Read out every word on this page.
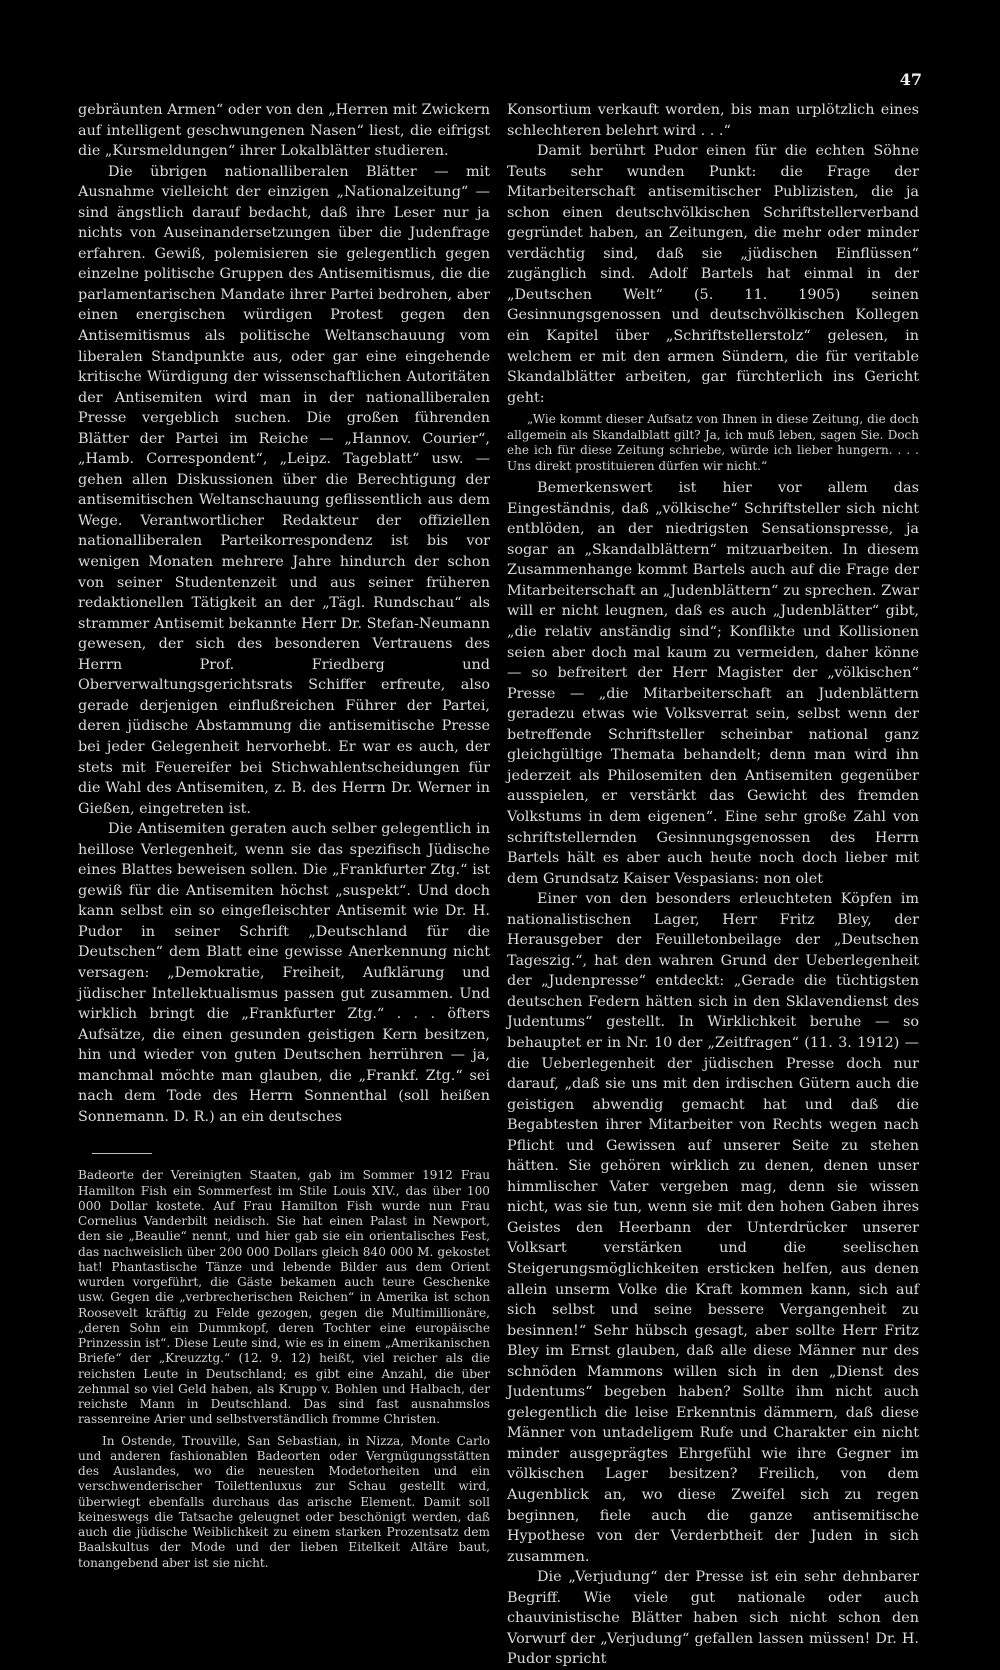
47

gebräunten Armen“ oder von den „Herren mit Zwickern auf intelligent geschwungenen Nasen“ liest, die eifrigst die „Kursmeldungen“ ihrer Lokalblätter studieren.

Die übrigen nationalliberalen Blätter — mit Ausnahme vielleicht der einzigen „Nationalzeitung“ — sind ängstlich darauf bedacht, daß ihre Leser nur ja nichts von Auseinandersetzungen über die Judenfrage erfahren. Gewiß, polemisieren sie gelegentlich gegen einzelne politische Gruppen des Antisemitismus, die die parlamentarischen Mandate ihrer Partei bedrohen, aber einen energischen würdigen Protest gegen den Antisemitismus als politische Weltanschauung vom liberalen Standpunkte aus, oder gar eine eingehende kritische Würdigung der wissenschaftlichen Autoritäten der Antisemiten wird man in der nationalliberalen Presse vergeblich suchen. Die großen führenden Blätter der Partei im Reiche — „Hannov. Courier“, „Hamb. Correspondent“, „Leipz. Tageblatt“ usw. — gehen allen Diskussionen über die Berechtigung der antisemitischen Weltanschauung geflissentlich aus dem Wege. Verantwortlicher Redakteur der offiziellen nationalliberalen Parteikorrespondenz ist bis vor wenigen Monaten mehrere Jahre hindurch der schon von seiner Studentenzeit und aus seiner früheren redaktionellen Tätigkeit an der „Tägl. Rundschau“ als strammer Antisemit bekannte Herr Dr. Stefan-Neumann gewesen, der sich des besonderen Vertrauens des Herrn Prof. Friedberg und Oberverwaltungsgerichtsrats Schiffer erfreute, also gerade derjenigen einflußreichen Führer der Partei, deren jüdische Abstammung die antisemitische Presse bei jeder Gelegenheit hervorhebt. Er war es auch, der stets mit Feuereifer bei Stichwahlentscheidungen für die Wahl des Antisemiten, z. B. des Herrn Dr. Werner in Gießen, eingetreten ist.

Die Antisemiten geraten auch selber gelegentlich in heillose Verlegenheit, wenn sie das spezifisch Jüdische eines Blattes beweisen sollen. Die „Frankfurter Ztg.“ ist gewiß für die Antisemiten höchst „suspekt“. Und doch kann selbst ein so eingefleischter Antisemit wie Dr. H. Pudor in seiner Schrift „Deutschland für die Deutschen“ dem Blatt eine gewisse Anerkennung nicht versagen: „Demokratie, Freiheit, Aufklärung und jüdischer Intellektualismus passen gut zusammen. Und wirklich bringt die „Frankfurter Ztg.“ . . . öfters Aufsätze, die einen gesunden geistigen Kern besitzen, hin und wieder von guten Deutschen herrühren — ja, manchmal möchte man glauben, die „Frankf. Ztg.“ sei nach dem Tode des Herrn Sonnenthal (soll heißen Sonnemann. D. R.) an ein deutsches

Badeorte der Vereinigten Staaten, gab im Sommer 1912 Frau Hamilton Fish ein Sommerfest im Stile Louis XIV., das über 100 000 Dollar kostete. Auf Frau Hamilton Fish wurde nun Frau Cornelius Vanderbilt neidisch. Sie hat einen Palast in Newport, den sie „Beaulie“ nennt, und hier gab sie ein orientalisches Fest, das nachweislich über 200 000 Dollars gleich 840 000 M. gekostet hat! Phantastische Tänze und lebende Bilder aus dem Orient wurden vorgeführt, die Gäste bekamen auch teure Geschenke usw. Gegen die „verbrecherischen Reichen“ in Amerika ist schon Roosevelt kräftig zu Felde gezogen, gegen die Multimillionäre, „deren Sohn ein Dummkopf, deren Tochter eine europäische Prinzessin ist“. Diese Leute sind, wie es in einem „Amerikanischen Briefe“ der „Kreuzztg.“ (12. 9. 12) heißt, viel reicher als die reichsten Leute in Deutschland; es gibt eine Anzahl, die über zehnmal so viel Geld haben, als Krupp v. Bohlen und Halbach, der reichste Mann in Deutschland. Das sind fast ausnahmslos rassenreine Arier und selbstverständlich fromme Christen.

In Ostende, Trouville, San Sebastian, in Nizza, Monte Carlo und anderen fashionablen Badeorten oder Vergnügungsstätten des Auslandes, wo die neuesten Modetorheiten und ein verschwenderischer Toilettenluxus zur Schau gestellt wird, überwiegt ebenfalls durchaus das arische Element. Damit soll keineswegs die Tatsache geleugnet oder beschönigt werden, daß auch die jüdische Weiblichkeit zu einem starken Prozentsatz dem Baalskultus der Mode und der lieben Eitelkeit Altäre baut, tonangebend aber ist sie nicht.

Konsortium verkauft worden, bis man urplötzlich eines schlechteren belehrt wird . . .“

Damit berührt Pudor einen für die echten Söhne Teuts sehr wunden Punkt: die Frage der Mitarbeiterschaft antisemitischer Publizisten, die ja schon einen deutschvölkischen Schriftstellerverband gegründet haben, an Zeitungen, die mehr oder minder verdächtig sind, daß sie „jüdischen Einflüssen“ zugänglich sind. Adolf Bartels hat einmal in der „Deutschen Welt“ (5. 11. 1905) seinen Gesinnungsgenossen und deutschvölkischen Kollegen ein Kapitel über „Schriftstellerstolz“ gelesen, in welchem er mit den armen Sündern, die für veritable Skandalblätter arbeiten, gar fürchterlich ins Gericht geht:

„Wie kommt dieser Aufsatz von Ihnen in diese Zeitung, die doch allgemein als Skandalblatt gilt? Ja, ich muß leben, sagen Sie. Doch ehe ich für diese Zeitung schriebe, würde ich lieber hungern. . . . Uns direkt prostituieren dürfen wir nicht.“

Bemerkenswert ist hier vor allem das Eingeständnis, daß „völkische“ Schriftsteller sich nicht entblöden, an der niedrigsten Sensationspresse, ja sogar an „Skandalblättern“ mitzuarbeiten. In diesem Zusammenhange kommt Bartels auch auf die Frage der Mitarbeiterschaft an „Judenblättern“ zu sprechen. Zwar will er nicht leugnen, daß es auch „Judenblätter“ gibt, „die relativ anständig sind“; Konflikte und Kollisionen seien aber doch mal kaum zu vermeiden, daher könne — so befreitert der Herr Magister der „völkischen“ Presse — „die Mitarbeiterschaft an Judenblättern geradezu etwas wie Volksverrat sein, selbst wenn der betreffende Schriftsteller scheinbar national ganz gleichgültige Themata behandelt; denn man wird ihn jederzeit als Philosemiten den Antisemiten gegenüber ausspielen, er verstärkt das Gewicht des fremden Volkstums in dem eigenen“. Eine sehr große Zahl von schriftstellernden Gesinnungsgenossen des Herrn Bartels hält es aber auch heute noch doch lieber mit dem Grundsatz Kaiser Vespasians: non olet

Einer von den besonders erleuchteten Köpfen im nationalistischen Lager, Herr Fritz Bley, der Herausgeber der Feuilletonbeilage der „Deutschen Tageszig.“, hat den wahren Grund der Ueberlegenheit der „Judenpresse“ entdeckt: „Gerade die tüchtigsten deutschen Federn hätten sich in den Sklavendienst des Judentums“ gestellt. In Wirklichkeit beruhe — so behauptet er in Nr. 10 der „Zeitfragen“ (11. 3. 1912) — die Ueberlegenheit der jüdischen Presse doch nur darauf, „daß sie uns mit den irdischen Gütern auch die geistigen abwendig gemacht hat und daß die Begabtesten ihrer Mitarbeiter von Rechts wegen nach Pflicht und Gewissen auf unserer Seite zu stehen hätten. Sie gehören wirklich zu denen, denen unser himmlischer Vater vergeben mag, denn sie wissen nicht, was sie tun, wenn sie mit den hohen Gaben ihres Geistes den Heerbann der Unterdrücker unserer Volksart verstärken und die seelischen Steigerungsmöglichkeiten ersticken helfen, aus denen allein unserm Volke die Kraft kommen kann, sich auf sich selbst und seine bessere Vergangenheit zu besinnen!“ Sehr hübsch gesagt, aber sollte Herr Fritz Bley im Ernst glauben, daß alle diese Männer nur des schnöden Mammons willen sich in den „Dienst des Judentums“ begeben haben? Sollte ihm nicht auch gelegentlich die leise Erkenntnis dämmern, daß diese Männer von untadeligem Rufe und Charakter ein nicht minder ausgeprägtes Ehrgefühl wie ihre Gegner im völkischen Lager besitzen? Freilich, von dem Augenblick an, wo diese Zweifel sich zu regen beginnen, fiele auch die ganze antisemitische Hypothese von der Verderbtheit der Juden in sich zusammen.

Die „Verjudung“ der Presse ist ein sehr dehnbarer Begriff. Wie viele gut nationale oder auch chauvinistische Blätter haben sich nicht schon den Vorwurf der „Verjudung“ gefallen lassen müssen! Dr. H. Pudor spricht
